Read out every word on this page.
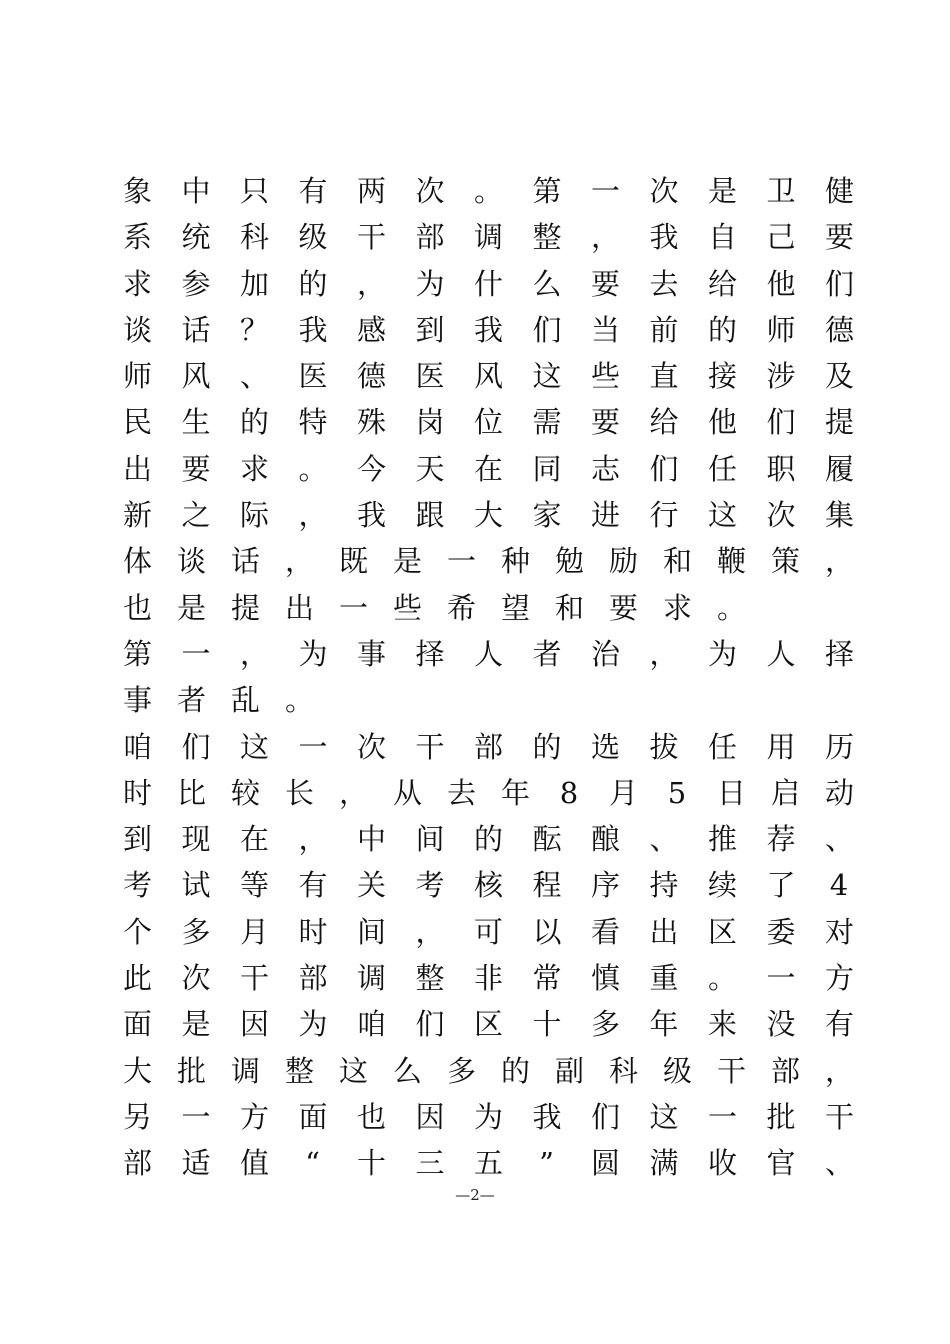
象 中 只 有 两 次 。 第 一 次 是 卫 健
系 统 科 级 干 部 调 整 ， 我 自 己 要
求 参 加 的 ， 为 什 么 要 去 给 他 们
谈 话 ？ 我 感 到 我 们 当 前 的 师 德
师 风 、 医 德 医 风 这 些 直 接 涉 及
民 生 的 特 殊 岗 位 需 要 给 他 们 提
出 要 求 。 今 天 在 同 志 们 任 职 履
新 之 际 ， 我 跟 大 家 进 行 这 次 集
体 谈 话 ， 既 是 一 种 勉 励 和 鞭 策 ，
也 是 提 出 一 些 希 望 和 要 求 。
第 一 ， 为 事 择 人 者 治 ， 为 人 择
事 者 乱 。
咱 们 这 一 次 干 部 的 选 拔 任 用 历
时 比 较 长 ， 从 去 年 8 月 5 日 启 动
到 现 在 ， 中 间 的 酝 酿 、 推 荐 、
考 试 等 有 关 考 核 程 序 持 续 了 4
个 多 月 时 间 ， 可 以 看 出 区 委 对
此 次 干 部 调 整 非 常 慎 重 。 一 方
面 是 因 为 咱 们 区 十 多 年 来 没 有
大 批 调 整 这 么 多 的 副 科 级 干 部 ，
另 一 方 面 也 因 为 我 们 这 一 批 干
部 适 值 “ 十 三 五 ” 圆 满 收 官 、
—2—
